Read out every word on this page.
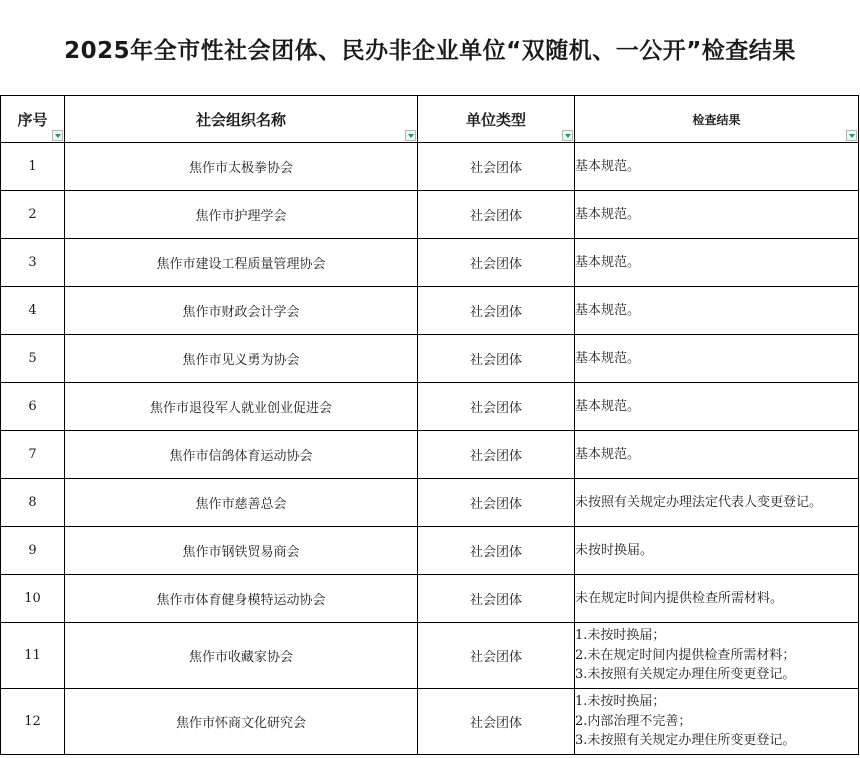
2025年全市性社会团体、民办非企业单位“双随机、一公开”检查结果
序号	社会组织名称	单位类型	检查结果

1	焦作市太极拳协会	社会团体	基本规范。

2	焦作市护理学会	社会团体	基本规范。

3	焦作市建设工程质量管理协会	社会团体	基本规范。

4	焦作市财政会计学会	社会团体	基本规范。

5	焦作市见义勇为协会	社会团体	基本规范。

6	焦作市退役军人就业创业促进会	社会团体	基本规范。

7	焦作市信鸽体育运动协会	社会团体	基本规范。

8	焦作市慈善总会	社会团体	未按照有关规定办理法定代表人变更登记。

9	焦作市钢铁贸易商会	社会团体	未按时换届。

10	焦作市体育健身模特运动协会	社会团体	未在规定时间内提供检查所需材料。

11	焦作市收藏家协会	社会团体	1.未按时换届；
2.未在规定时间内提供检查所需材料；
3.未按照有关规定办理住所变更登记。

12	焦作市怀商文化研究会	社会团体	1.未按时换届；
2.内部治理不完善；
3.未按照有关规定办理住所变更登记。
